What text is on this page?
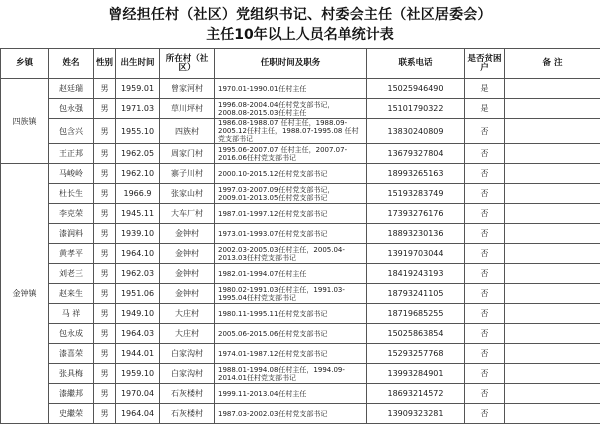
曾经担任村（社区）党组织书记、村委会主任（社区居委会）
主任10年以上人员名单统计表
乡镇	姓名	性别	出生时间	所在村（社区）	任职时间及职务	联系电话	是否贫困户	备 注
四族镇	赵廷瑞	男	1959.01	曾家河村	1970.01-1990.01任村主任	15025946490	是	
	包永强	男	1971.03	草川坪村	1996.08-2004.04任村党支部书记，2008.08-2015.03任村主任	15101790322	是	
	包含兴	男	1955.10	四族村	1986.08-1988.07 任村主任，1988.09-2005.12任村主任，1988.07-1995.08 任村党支部书记	13830240809	否	
	王正邦	男	1962.05	周家门村	1995.06-2007.07 任村主任，2007.07-2016.06任村党支部书记	13679327804	否	
金钟镇	马峻岭	男	1962.10	寨子川村	2000.10-2015.12任村党支部书记	18993265163	否	
	杜长生	男	1966.9	张家山村	1997.03-2007.09任村党支部书记，2009.01-2013.05任村党支部书记	15193283749	否	
	李克荣	男	1945.11	大车厂村	1987.01-1997.12任村党支部书记	17393276176	否	
	漆润料	男	1939.10	金钟村	1973.01-1993.07任村党支部书记	18893230136	否	
	黄孝平	男	1964.10	金钟村	2002.03-2005.03任村主任，2005.04-2013.03任村党支部书记	13919703044	否	
	刘老三	男	1962.03	金钟村	1982.01-1994.07任村主任	18419243193	否	
	赵来生	男	1951.06	金钟村	1980.02-1991.03任村主任，1991.03-1995.04任村党支部书记	18793241105	否	
	马 祥	男	1949.10	大庄村	1980.11-1995.11任村党支部书记	18719685255	否	
	包永成	男	1964.03	大庄村	2005.06-2015.06任村党支部书记	15025863854	否	
	漆喜荣	男	1944.01	白家沟村	1974.01-1987.12任村党支部书记	15293257768	否	
	张具梅	男	1959.10	白家沟村	1988.01-1994.08任村主任，1994.09-2014.01任村党支部书记	13993284901	否	
	漆繼邦	男	1970.04	石灰楼村	1999.11-2013.04任村主任	18693214572	否	
	史繼荣	男	1964.04	石灰楼村	1987.03-2002.03任村党支部书记	13909323281	否	
